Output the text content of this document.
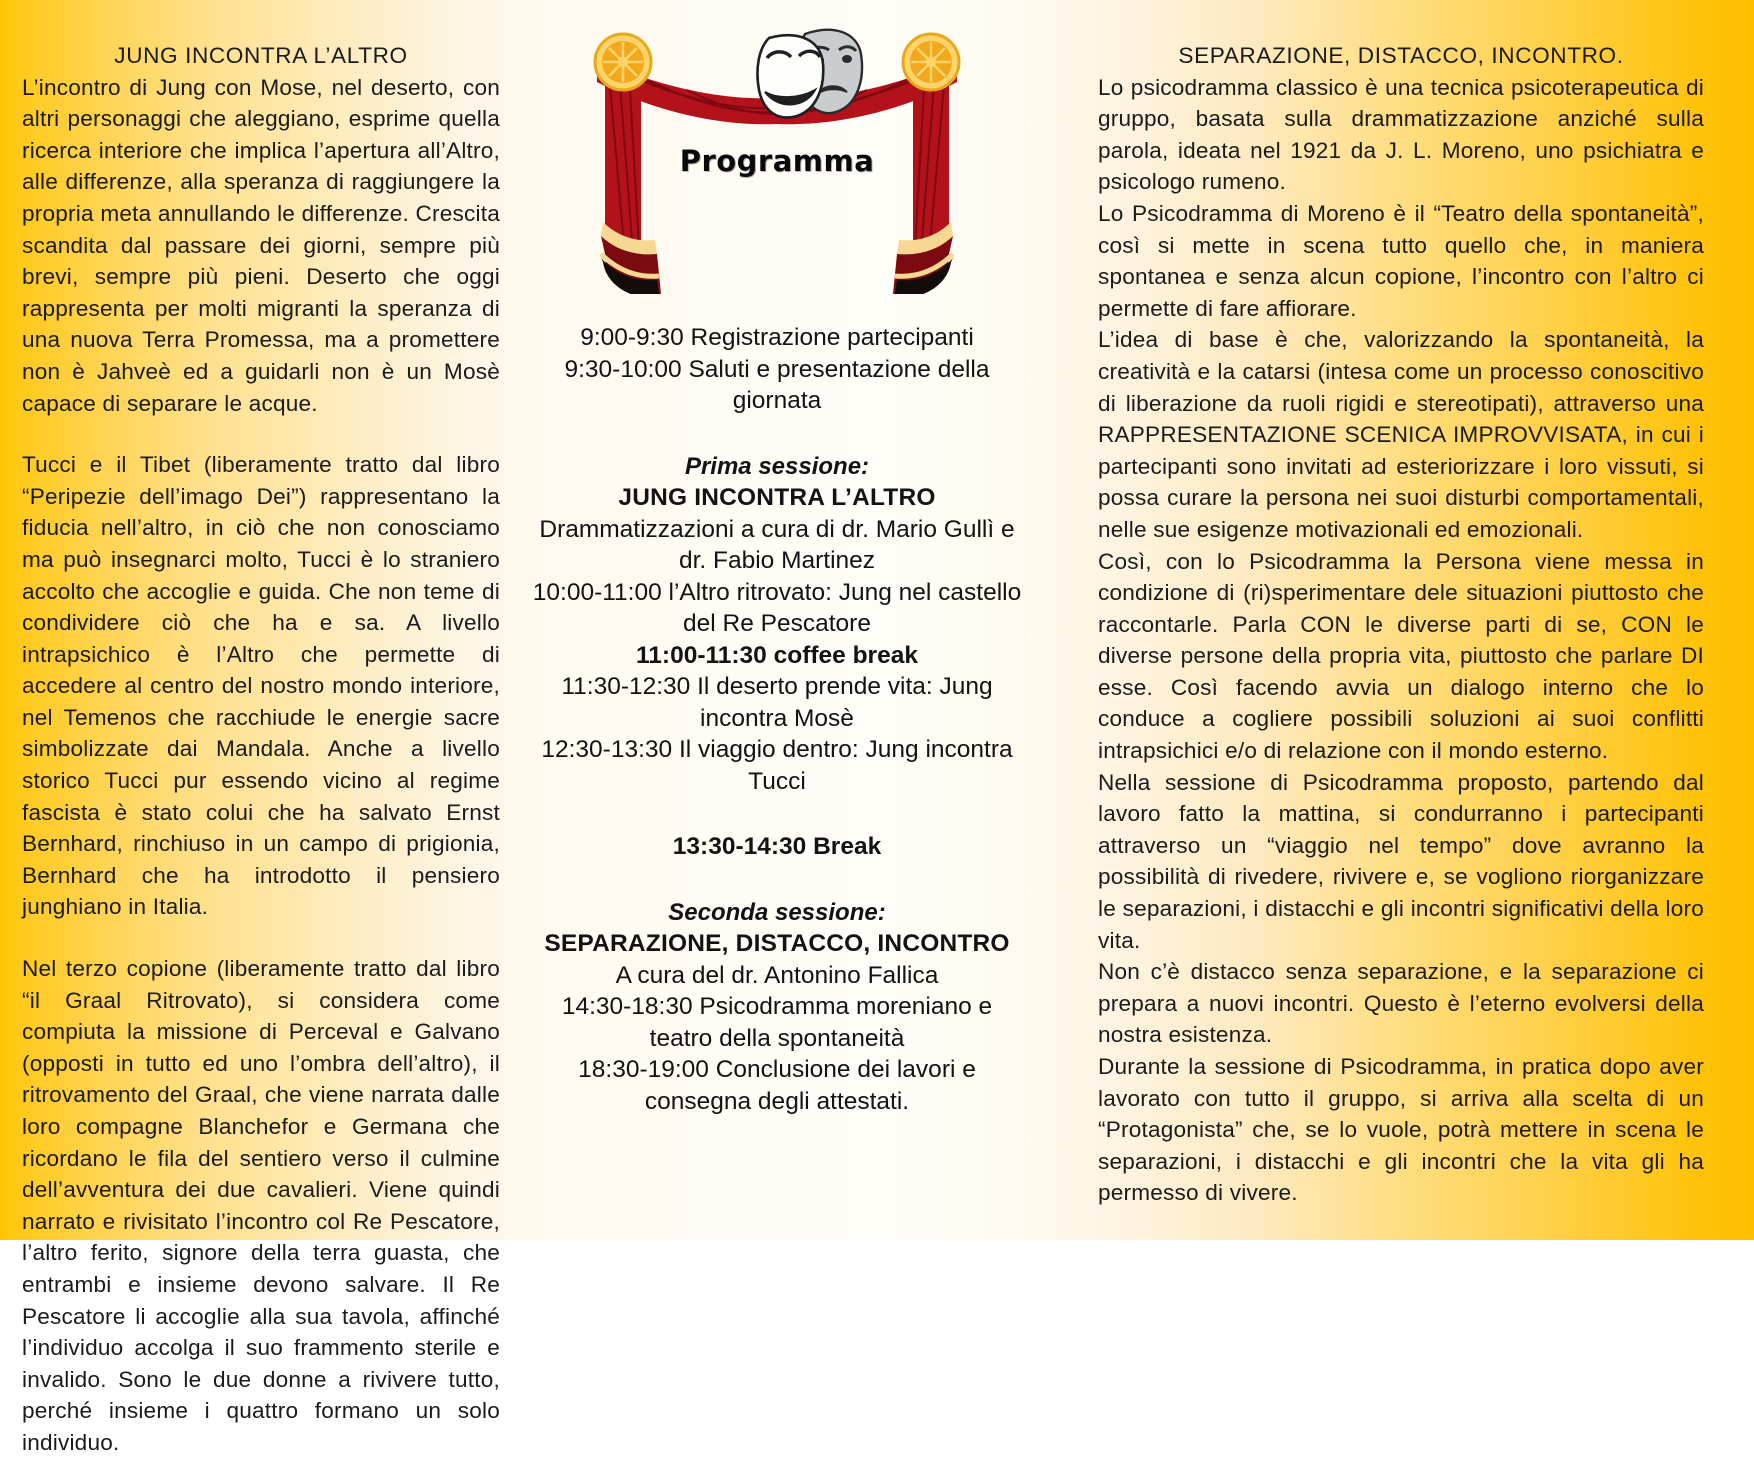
JUNG INCONTRA L’ALTRO

L’incontro di Jung con Mose, nel deserto, con altri personaggi che aleggiano, esprime quella ricerca interiore che implica l’apertura all’Altro, alle differenze, alla speranza di raggiungere la propria meta annullando le differenze. Crescita scandita dal passare dei giorni, sempre più brevi, sempre più pieni. Deserto che oggi rappresenta per molti migranti la speranza di una nuova Terra Promessa, ma a promettere non è Jahveè ed a guidarli non è un Mosè capace di separare le acque.

Tucci e il Tibet (liberamente tratto dal libro “Peripezie dell’imago Dei”) rappresentano la fiducia nell’altro, in ciò che non conosciamo ma può insegnarci molto, Tucci è lo straniero accolto che accoglie e guida. Che non teme di condividere ciò che ha e sa. A livello intrapsichico è l’Altro che permette di accedere al centro del nostro mondo interiore, nel Temenos che racchiude le energie sacre simbolizzate dai Mandala. Anche a livello storico Tucci pur essendo vicino al regime fascista è stato colui che ha salvato Ernst Bernhard, rinchiuso in un campo di prigionia, Bernhard che ha introdotto il pensiero junghiano in Italia.

Nel terzo copione (liberamente tratto dal libro “il Graal Ritrovato), si considera come compiuta la missione di Perceval e Galvano (opposti in tutto ed uno l’ombra dell’altro), il ritrovamento del Graal, che viene narrata dalle loro compagne Blanchefor e Germana che ricordano le fila del sentiero verso il culmine dell’avventura dei due cavalieri. Viene quindi narrato e rivisitato l’incontro col Re Pescatore, l’altro ferito, signore della terra guasta, che entrambi e insieme devono salvare. Il Re Pescatore li accoglie alla sua tavola, affinché l’individuo accolga il suo frammento sterile e invalido. Sono le due donne a rivivere tutto, perché insieme i quattro formano un solo individuo.

Programma
9:00-9:30 Registrazione partecipanti
9:30-10:00 Saluti e presentazione della giornata
Prima sessione:
JUNG INCONTRA L’ALTRO
Drammatizzazioni a cura di dr. Mario Gullì e dr. Fabio Martinez
10:00-11:00 l’Altro ritrovato: Jung nel castello del Re Pescatore
11:00-11:30 coffee break
11:30-12:30 Il deserto prende vita: Jung incontra Mosè
12:30-13:30 Il viaggio dentro: Jung incontra Tucci
13:30-14:30 Break
Seconda sessione:
SEPARAZIONE, DISTACCO, INCONTRO
A cura del dr. Antonino Fallica
14:30-18:30 Psicodramma moreniano e teatro della spontaneità
18:30-19:00 Conclusione dei lavori e consegna degli attestati.
SEPARAZIONE, DISTACCO, INCONTRO.

Lo psicodramma classico è una tecnica psicoterapeutica di gruppo, basata sulla drammatizzazione anziché sulla parola, ideata nel 1921 da J. L. Moreno, uno psichiatra e psicologo rumeno.

Lo Psicodramma di Moreno è il “Teatro della spontaneità”, così si mette in scena tutto quello che, in maniera spontanea e senza alcun copione, l’incontro con l’altro ci permette di fare affiorare.

L’idea di base è che, valorizzando la spontaneità, la creatività e la catarsi (intesa come un processo conoscitivo di liberazione da ruoli rigidi e stereotipati), attraverso una RAPPRESENTAZIONE SCENICA IMPROVVISATA, in cui i partecipanti sono invitati ad esteriorizzare i loro vissuti, si possa curare la persona nei suoi disturbi comportamentali, nelle sue esigenze motivazionali ed emozionali.

Così, con lo Psicodramma la Persona viene messa in condizione di (ri)sperimentare dele situazioni piuttosto che raccontarle. Parla CON le diverse parti di se, CON le diverse persone della propria vita, piuttosto che parlare DI esse. Così facendo avvia un dialogo interno che lo conduce a cogliere possibili soluzioni ai suoi conflitti intrapsichici e/o di relazione con il mondo esterno.

Nella sessione di Psicodramma proposto, partendo dal lavoro fatto la mattina, si condurranno i partecipanti attraverso un “viaggio nel tempo” dove avranno la possibilità di rivedere, rivivere e, se vogliono riorganizzare le separazioni, i distacchi e gli incontri significativi della loro vita.

Non c’è distacco senza separazione, e la separazione ci prepara a nuovi incontri. Questo è l’eterno evolversi della nostra esistenza.

Durante la sessione di Psicodramma, in pratica dopo aver lavorato con tutto il gruppo, si arriva alla scelta di un “Protagonista” che, se lo vuole, potrà mettere in scena le separazioni, i distacchi e gli incontri che la vita gli ha permesso di vivere.
